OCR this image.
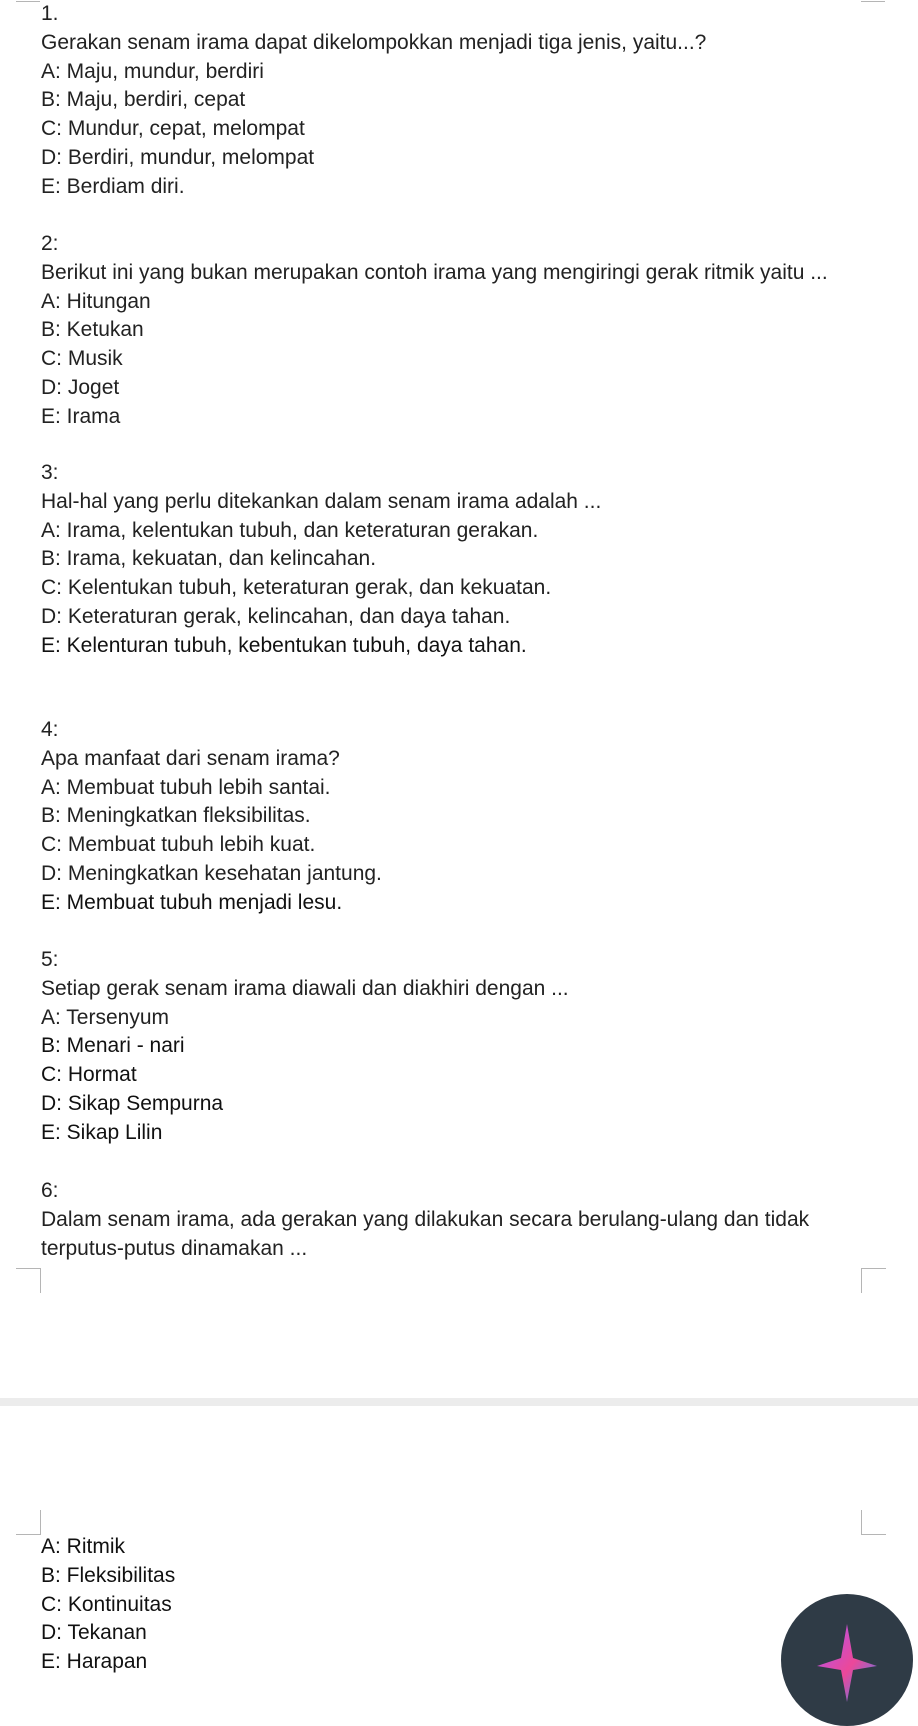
1.
Gerakan senam irama dapat dikelompokkan menjadi tiga jenis, yaitu...?
A: Maju, mundur, berdiri
B: Maju, berdiri, cepat
C: Mundur, cepat, melompat
D: Berdiri, mundur, melompat
E: Berdiam diri.
2:
Berikut ini yang bukan merupakan contoh irama yang mengiringi gerak ritmik yaitu ...
A: Hitungan
B: Ketukan
C: Musik
D: Joget
E: Irama
3:
Hal-hal yang perlu ditekankan dalam senam irama adalah ...
A: Irama, kelentukan tubuh, dan keteraturan gerakan.
B: Irama, kekuatan, dan kelincahan.
C: Kelentukan tubuh, keteraturan gerak, dan kekuatan.
D: Keteraturan gerak, kelincahan, dan daya tahan.
E: Kelenturan tubuh, kebentukan tubuh, daya tahan.
4:
Apa manfaat dari senam irama?
A: Membuat tubuh lebih santai.
B: Meningkatkan fleksibilitas.
C: Membuat tubuh lebih kuat.
D: Meningkatkan kesehatan jantung.
E: Membuat tubuh menjadi lesu.
5:
Setiap gerak senam irama diawali dan diakhiri dengan ...
A: Tersenyum
B: Menari - nari
C: Hormat
D: Sikap Sempurna
E: Sikap Lilin
6:
Dalam senam irama, ada gerakan yang dilakukan secara berulang-ulang dan tidak
terputus-putus dinamakan ...
A: Ritmik
B: Fleksibilitas
C: Kontinuitas
D: Tekanan
E: Harapan
